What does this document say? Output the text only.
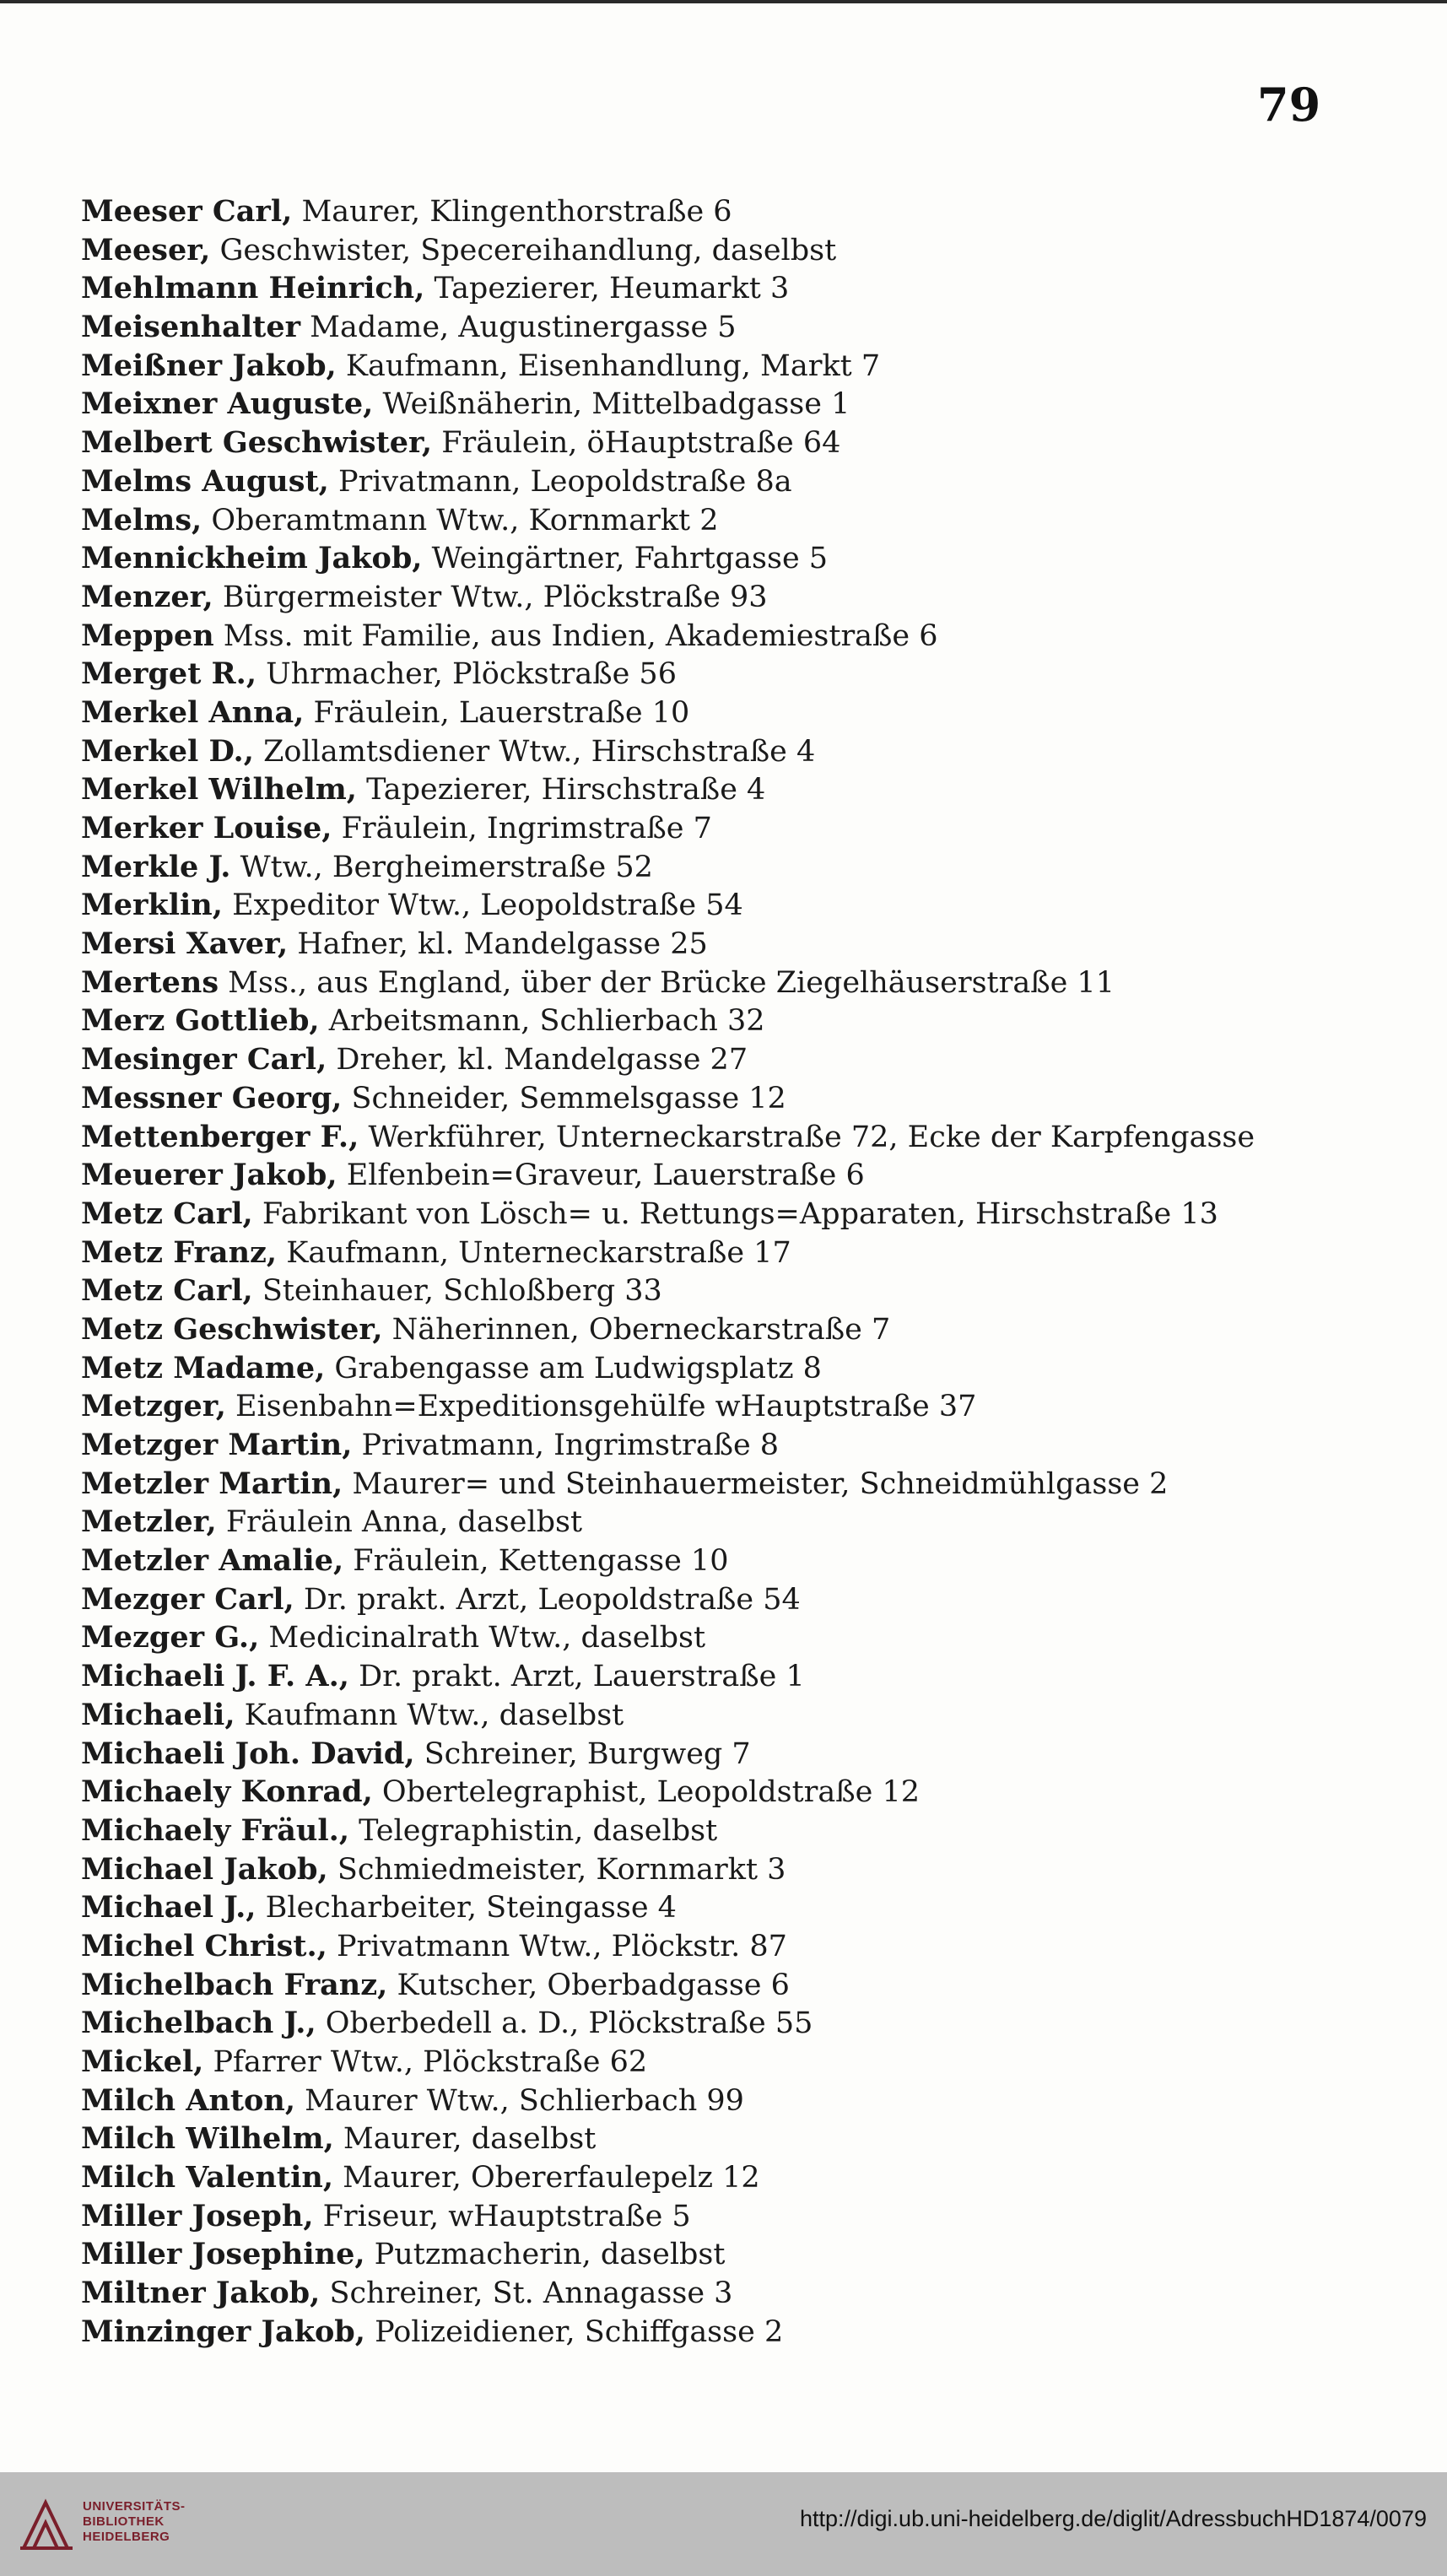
79
Meeser Carl, Maurer, Klingenthorstraße 6
Meeser, Geschwister, Specereihandlung, daselbst
Mehlmann Heinrich, Tapezierer, Heumarkt 3
Meisenhalter Madame, Augustinergasse 5
Meißner Jakob, Kaufmann, Eisenhandlung, Markt 7
Meixner Auguste, Weißnäherin, Mittelbadgasse 1
Melbert Geschwister, Fräulein, öHauptstraße 64
Melms August, Privatmann, Leopoldstraße 8a
Melms, Oberamtmann Wtw., Kornmarkt 2
Mennickheim Jakob, Weingärtner, Fahrtgasse 5
Menzer, Bürgermeister Wtw., Plöckstraße 93
Meppen Mss. mit Familie, aus Indien, Akademiestraße 6
Merget R., Uhrmacher, Plöckstraße 56
Merkel Anna, Fräulein, Lauerstraße 10
Merkel D., Zollamtsdiener Wtw., Hirschstraße 4
Merkel Wilhelm, Tapezierer, Hirschstraße 4
Merker Louise, Fräulein, Ingrimstraße 7
Merkle J. Wtw., Bergheimerstraße 52
Merklin, Expeditor Wtw., Leopoldstraße 54
Mersi Xaver, Hafner, kl. Mandelgasse 25
Mertens Mss., aus England, über der Brücke Ziegelhäuserstraße 11
Merz Gottlieb, Arbeitsmann, Schlierbach 32
Mesinger Carl, Dreher, kl. Mandelgasse 27
Messner Georg, Schneider, Semmelsgasse 12
Mettenberger F., Werkführer, Unterneckarstraße 72, Ecke der Karpfengasse
Meuerer Jakob, Elfenbein=Graveur, Lauerstraße 6
Metz Carl, Fabrikant von Lösch= u. Rettungs=Apparaten, Hirschstraße 13
Metz Franz, Kaufmann, Unterneckarstraße 17
Metz Carl, Steinhauer, Schloßberg 33
Metz Geschwister, Näherinnen, Oberneckarstraße 7
Metz Madame, Grabengasse am Ludwigsplatz 8
Metzger, Eisenbahn=Expeditionsgehülfe wHauptstraße 37
Metzger Martin, Privatmann, Ingrimstraße 8
Metzler Martin, Maurer= und Steinhauermeister, Schneidmühlgasse 2
Metzler, Fräulein Anna, daselbst
Metzler Amalie, Fräulein, Kettengasse 10
Mezger Carl, Dr. prakt. Arzt, Leopoldstraße 54
Mezger G., Medicinalrath Wtw., daselbst
Michaeli J. F. A., Dr. prakt. Arzt, Lauerstraße 1
Michaeli, Kaufmann Wtw., daselbst
Michaeli Joh. David, Schreiner, Burgweg 7
Michaely Konrad, Obertelegraphist, Leopoldstraße 12
Michaely Fräul., Telegraphistin, daselbst
Michael Jakob, Schmiedmeister, Kornmarkt 3
Michael J., Blecharbeiter, Steingasse 4
Michel Christ., Privatmann Wtw., Plöckstr. 87
Michelbach Franz, Kutscher, Oberbadgasse 6
Michelbach J., Oberbedell a. D., Plöckstraße 55
Mickel, Pfarrer Wtw., Plöckstraße 62
Milch Anton, Maurer Wtw., Schlierbach 99
Milch Wilhelm, Maurer, daselbst
Milch Valentin, Maurer, Obererfaulepelz 12
Miller Joseph, Friseur, wHauptstraße 5
Miller Josephine, Putzmacherin, daselbst
Miltner Jakob, Schreiner, St. Annagasse 3
Minzinger Jakob, Polizeidiener, Schiffgasse 2
UNIVERSITÄTS-
BIBLIOTHEK
HEIDELBERG
http://digi.ub.uni-heidelberg.de/diglit/AdressbuchHD1874/0079
